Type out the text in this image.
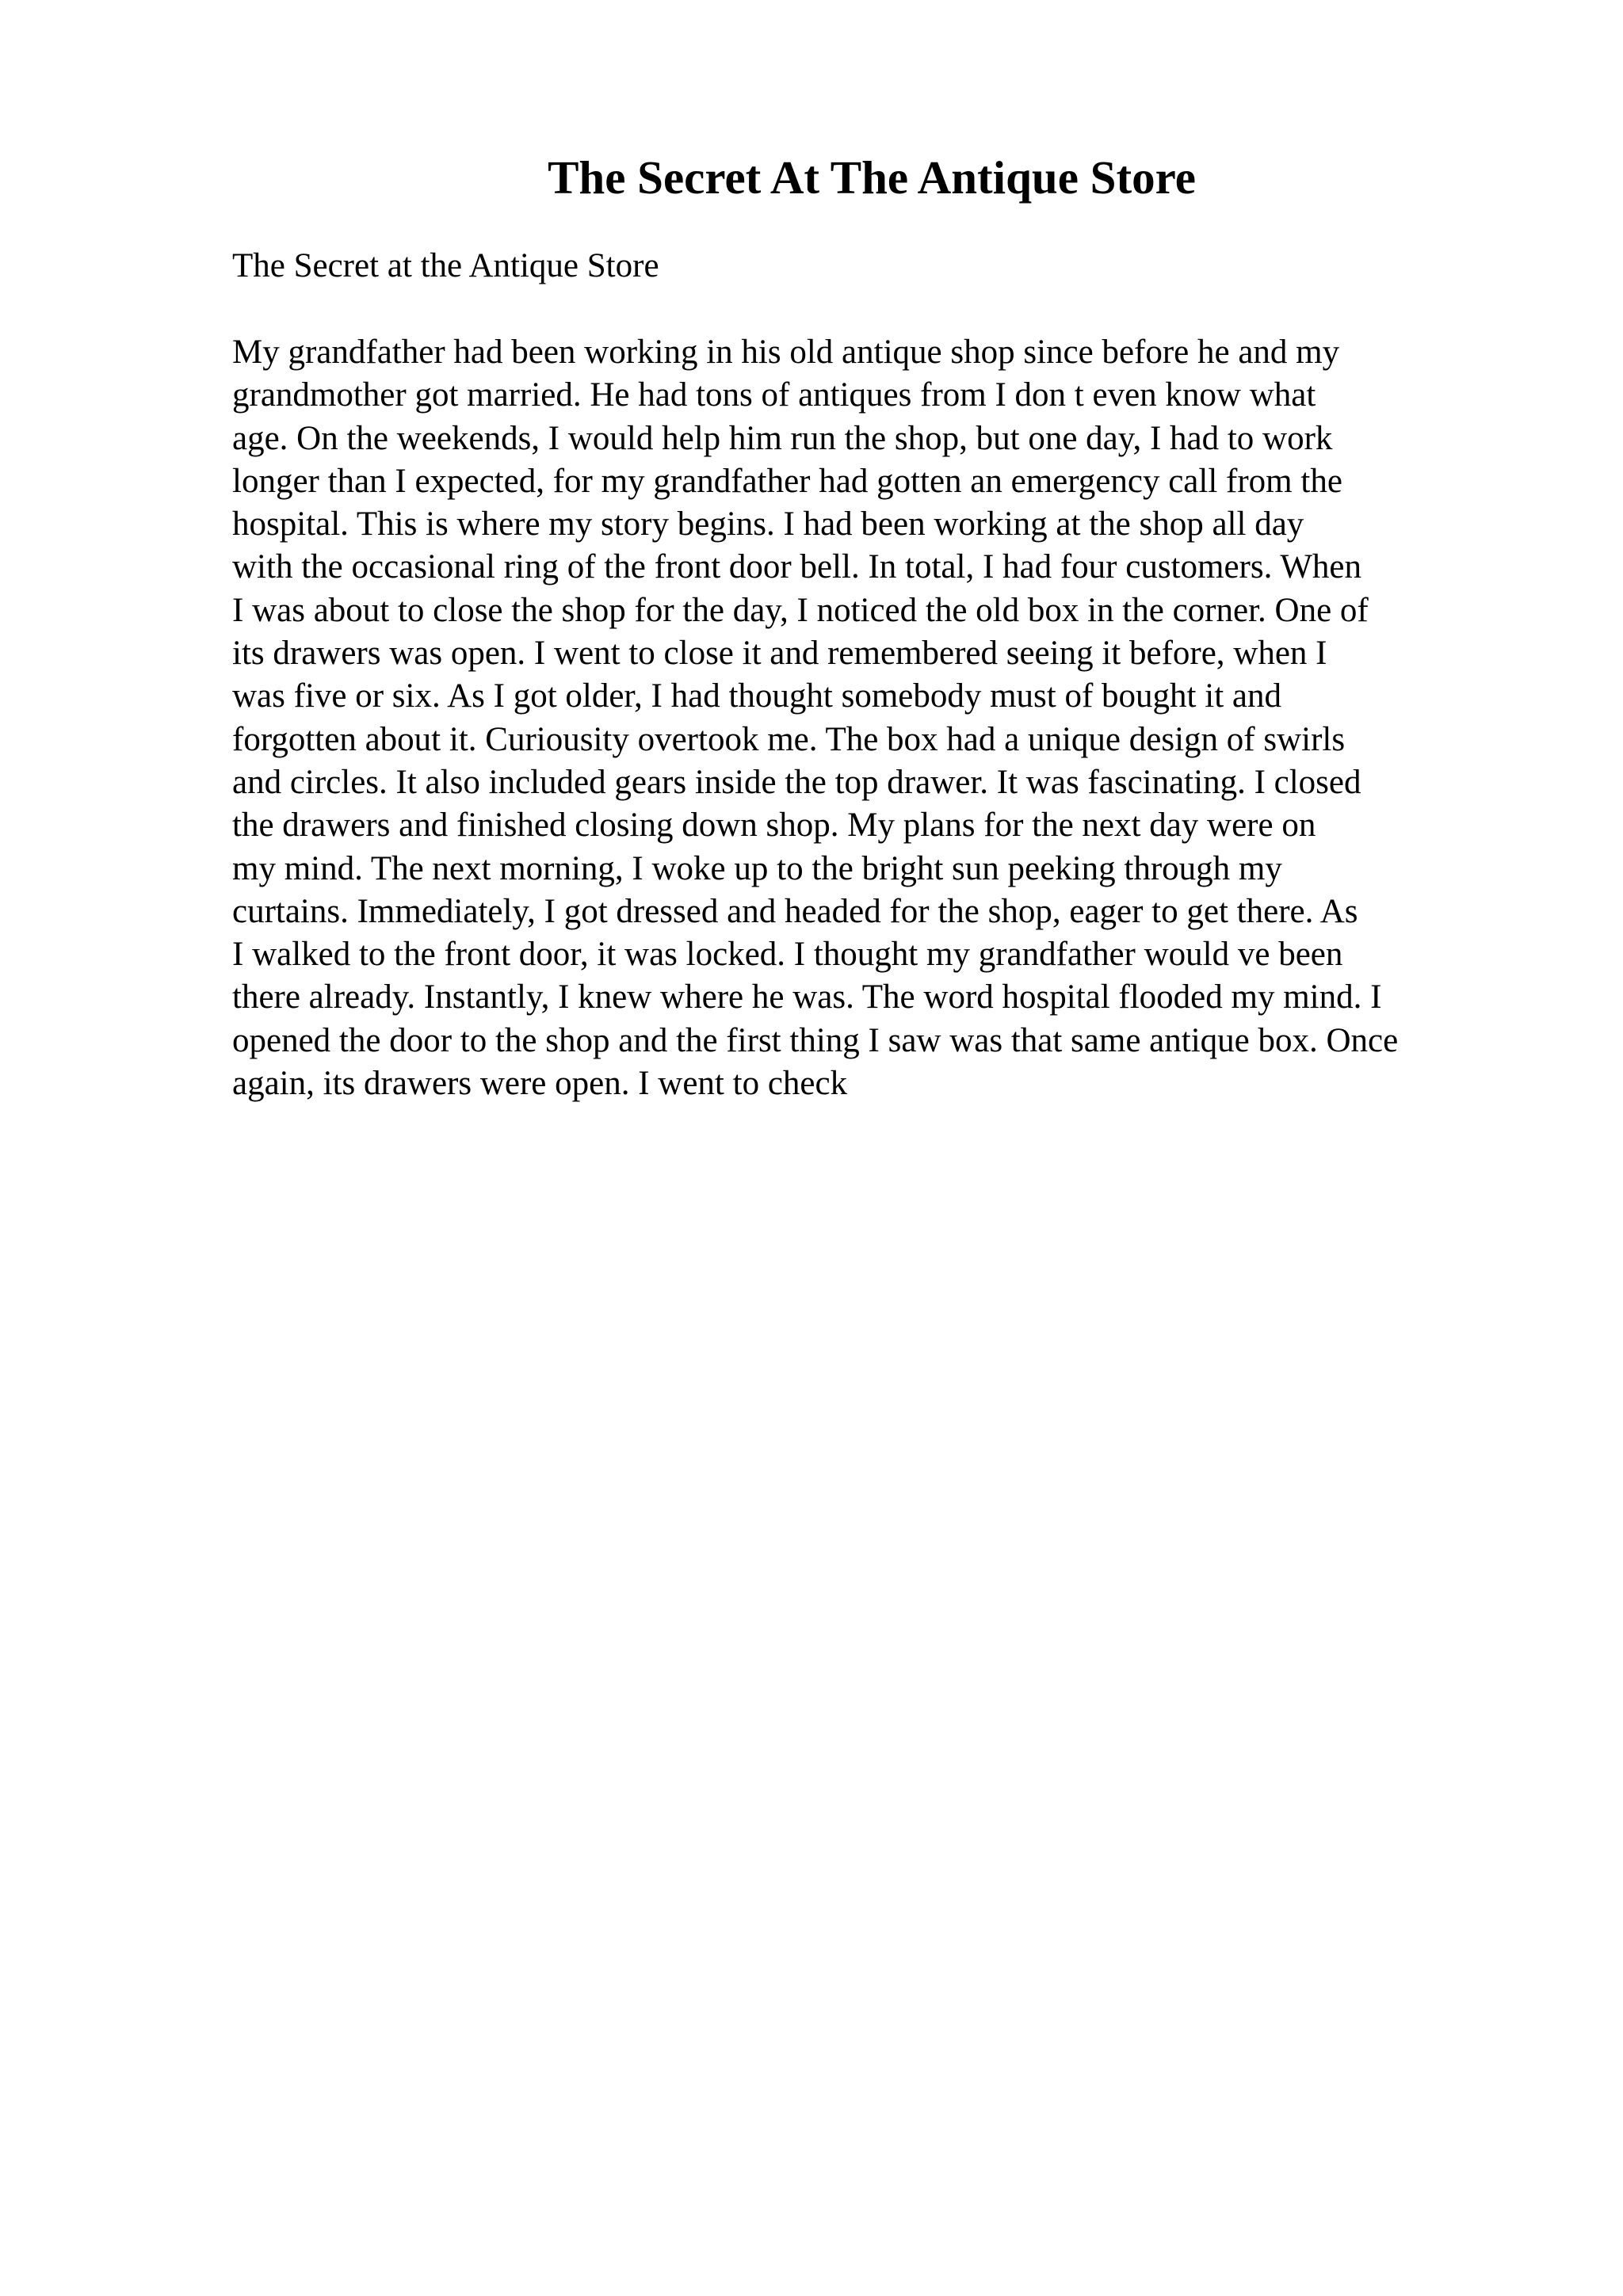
The Secret At The Antique Store
The Secret at the Antique Store
My grandfather had been working in his old antique shop since before he and my
grandmother got married. He had tons of antiques from I don t even know what
age. On the weekends, I would help him run the shop, but one day, I had to work
longer than I expected, for my grandfather had gotten an emergency call from the
hospital. This is where my story begins. I had been working at the shop all day
with the occasional ring of the front door bell. In total, I had four customers. When
I was about to close the shop for the day, I noticed the old box in the corner. One of
its drawers was open. I went to close it and remembered seeing it before, when I
was five or six. As I got older, I had thought somebody must of bought it and
forgotten about it. Curiousity overtook me. The box had a unique design of swirls
and circles. It also included gears inside the top drawer. It was fascinating. I closed
the drawers and finished closing down shop. My plans for the next day were on
my mind. The next morning, I woke up to the bright sun peeking through my
curtains. Immediately, I got dressed and headed for the shop, eager to get there. As
I walked to the front door, it was locked. I thought my grandfather would ve been
there already. Instantly, I knew where he was. The word hospital flooded my mind. I
opened the door to the shop and the first thing I saw was that same antique box. Once
again, its drawers were open. I went to check
